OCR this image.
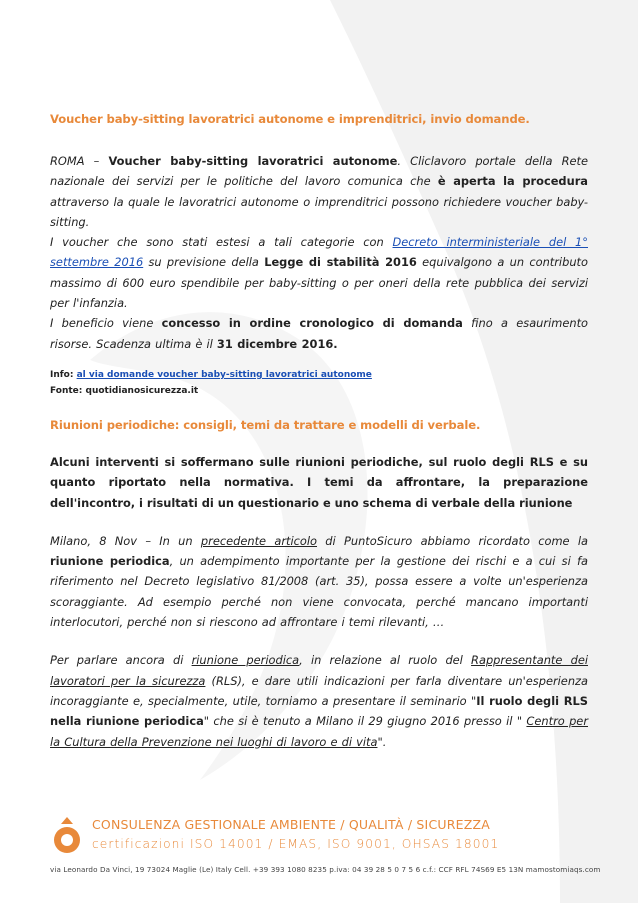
Voucher baby-sitting lavoratrici autonome e imprenditrici, invio domande.

ROMA – Voucher baby-sitting lavoratrici autonome. Cliclavoro portale della Rete nazionale dei servizi per le politiche del lavoro comunica che è aperta la procedura attraverso la quale le lavoratrici autonome o imprenditrici possono richiedere voucher baby-sitting.

I voucher che sono stati estesi a tali categorie con Decreto interministeriale del 1° settembre 2016 su previsione della Legge di stabilità 2016 equivalgono a un contributo massimo di 600 euro spendibile per baby-sitting o per oneri della rete pubblica dei servizi per l'infanzia.

I beneficio viene concesso in ordine cronologico di domanda fino a esaurimento risorse. Scadenza ultima è il 31 dicembre 2016.

Info: al via domande voucher baby-sitting lavoratrici autonome

Fonte: quotidianosicurezza.it

Riunioni periodiche: consigli, temi da trattare e modelli di verbale.

Alcuni interventi si soffermano sulle riunioni periodiche, sul ruolo degli RLS e su quanto riportato nella normativa. I temi da affrontare, la preparazione dell'incontro, i risultati di un questionario e uno schema di verbale della riunione

Milano, 8 Nov – In un precedente articolo di PuntoSicuro abbiamo ricordato come la riunione periodica, un adempimento importante per la gestione dei rischi e a cui si fa riferimento nel Decreto legislativo 81/2008 (art. 35), possa essere a volte un'esperienza scoraggiante. Ad esempio perché non viene convocata, perché mancano importanti interlocutori, perché non si riescono ad affrontare i temi rilevanti, …

Per parlare ancora di riunione periodica, in relazione al ruolo del Rappresentante dei lavoratori per la sicurezza (RLS), e dare utili indicazioni per farla diventare un'esperienza incoraggiante e, specialmente, utile, torniamo a presentare il seminario "Il ruolo degli RLS nella riunione periodica" che si è tenuto a Milano il 29 giugno 2016 presso il " Centro per la Cultura della Prevenzione nei luoghi di lavoro e di vita".

CONSULENZA GESTIONALE AMBIENTE / QUALITÀ / SICUREZZA
certificazioni ISO 14001 / EMAS, ISO 9001, OHSAS 18001
via Leonardo Da Vinci, 19 73024 Maglie (Le) Italy Cell. +39 393 1080 8235 p.iva: 04 39 28 5 0 7 5 6 c.f.: CCF RFL 74S69 E5 13N mamostomiaqs.com
